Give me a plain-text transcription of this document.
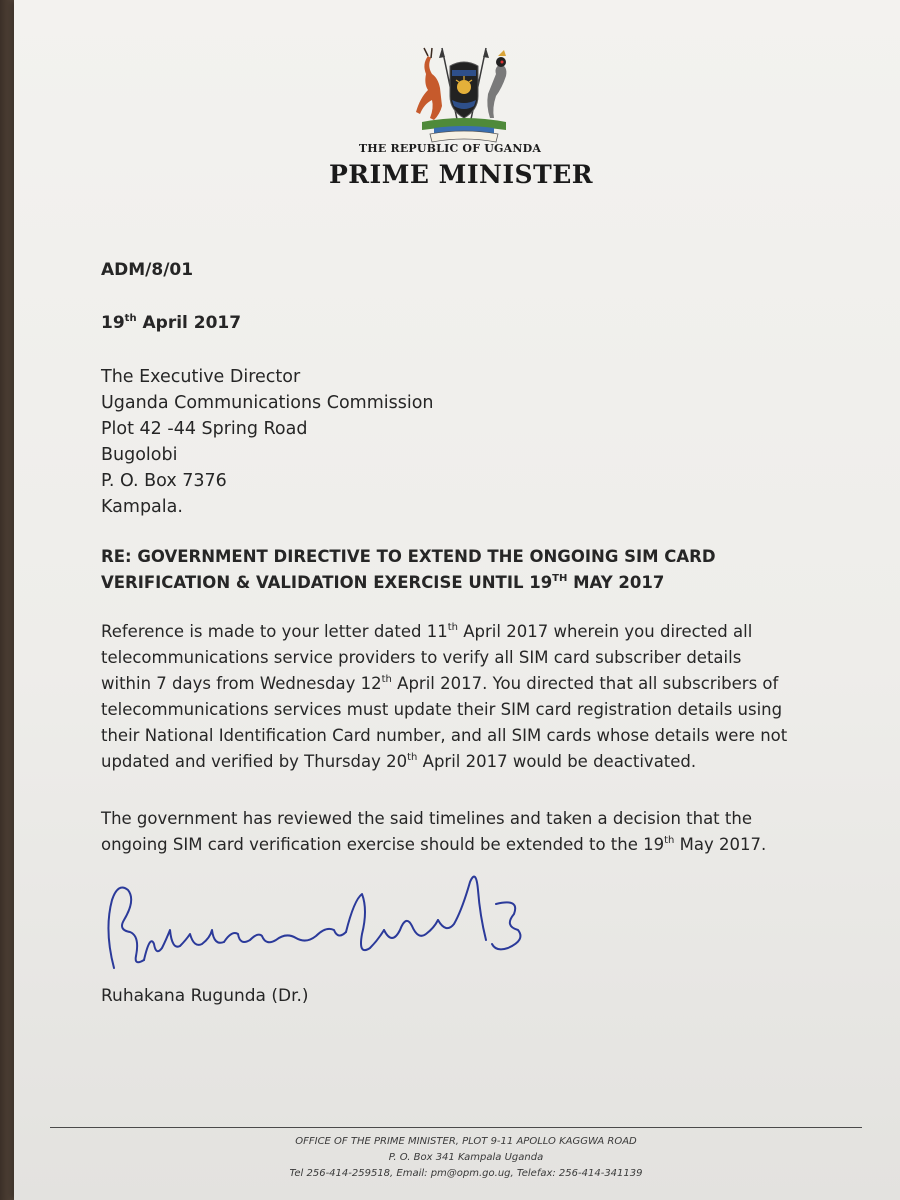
THE REPUBLIC OF UGANDA
PRIME MINISTER
ADM/8/01
19th April 2017
The Executive Director
Uganda Communications Commission
Plot 42 -44 Spring Road
Bugolobi
P. O. Box 7376
Kampala.
RE: GOVERNMENT DIRECTIVE TO EXTEND THE ONGOING SIM CARD
VERIFICATION & VALIDATION EXERCISE UNTIL 19TH MAY 2017
Reference is made to your letter dated 11th April 2017 wherein you directed all
telecommunications service providers to verify all SIM card subscriber details
within 7 days from Wednesday 12th April 2017. You directed that all subscribers of
telecommunications services must update their SIM card registration details using
their National Identification Card number, and all SIM cards whose details were not
updated and verified by Thursday 20th April 2017 would be deactivated.
The government has reviewed the said timelines and taken a decision that the
ongoing SIM card verification exercise should be extended to the 19th May 2017.
Ruhakana Rugunda (Dr.)
OFFICE OF THE PRIME MINISTER, PLOT 9-11 APOLLO KAGGWA ROAD
P. O. Box 341 Kampala Uganda
Tel 256-414-259518, Email: pm@opm.go.ug, Telefax: 256-414-341139
